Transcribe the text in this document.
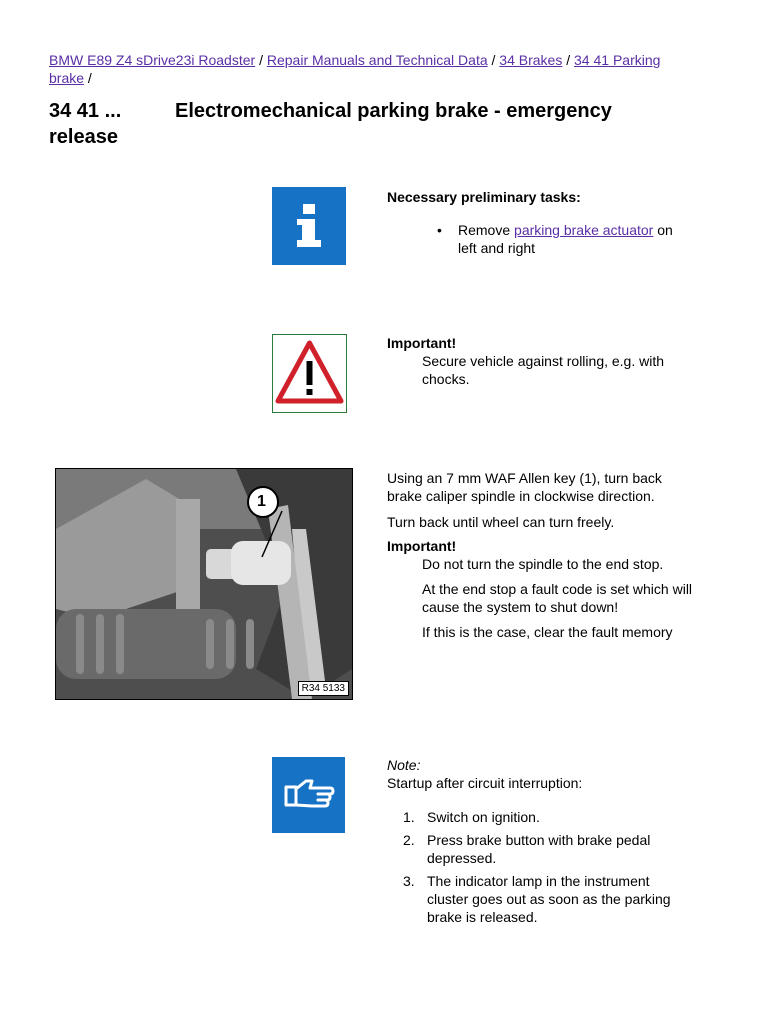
BMW E89 Z4 sDrive23i Roadster / Repair Manuals and Technical Data / 34 Brakes / 34 41 Parking
brake /
34 41 ...	Electromechanical parking brake - emergency
release
Necessary preliminary tasks:
• Remove parking brake actuator on
left and right
Important!
Secure vehicle against rolling, e.g. with
chocks.
1
R34 5133
Using an 7 mm WAF Allen key (1), turn back
brake caliper spindle in clockwise direction.
Turn back until wheel can turn freely.
Important!
Do not turn the spindle to the end stop.
At the end stop a fault code is set which will
cause the system to shut down!
If this is the case, clear the fault memory
Note:
Startup after circuit interruption:
1. Switch on ignition.
2. Press brake button with brake pedal
depressed.
3. The indicator lamp in the instrument
cluster goes out as soon as the parking
brake is released.
